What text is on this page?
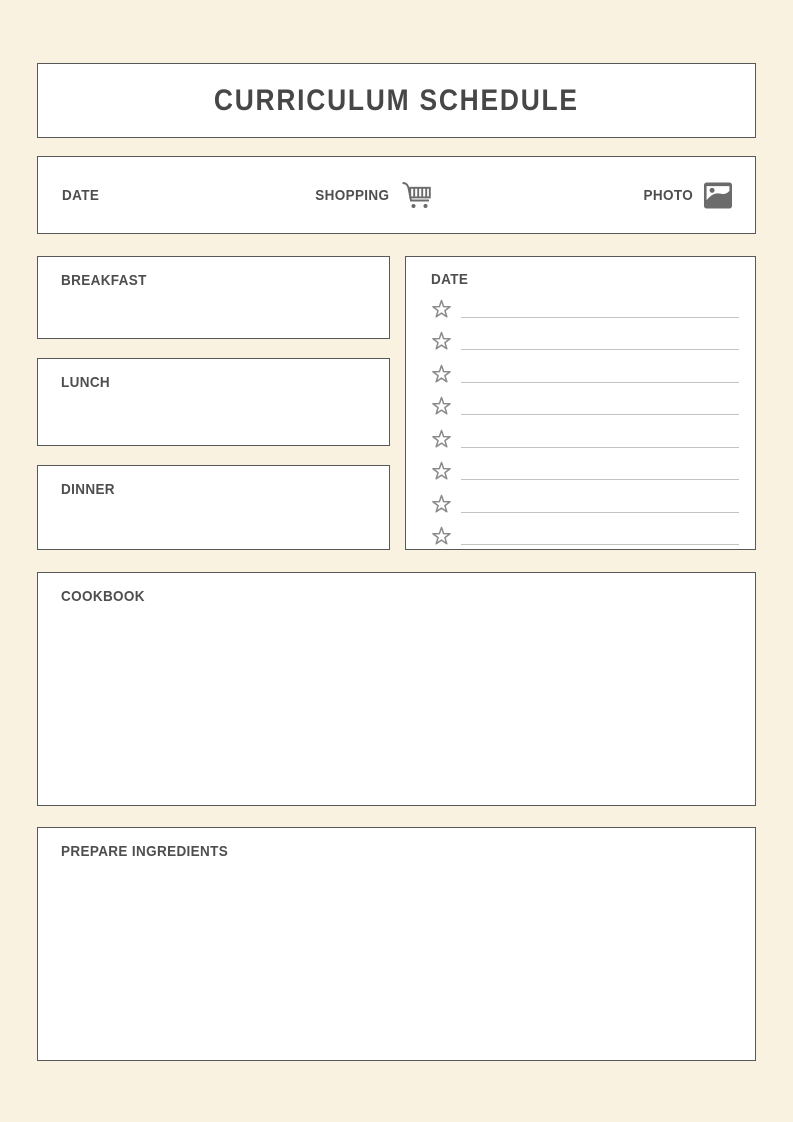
CURRICULUM SCHEDULE
DATE	SHOPPING	PHOTO
BREAKFAST
LUNCH
DINNER
DATE
COOKBOOK
PREPARE INGREDIENTS
